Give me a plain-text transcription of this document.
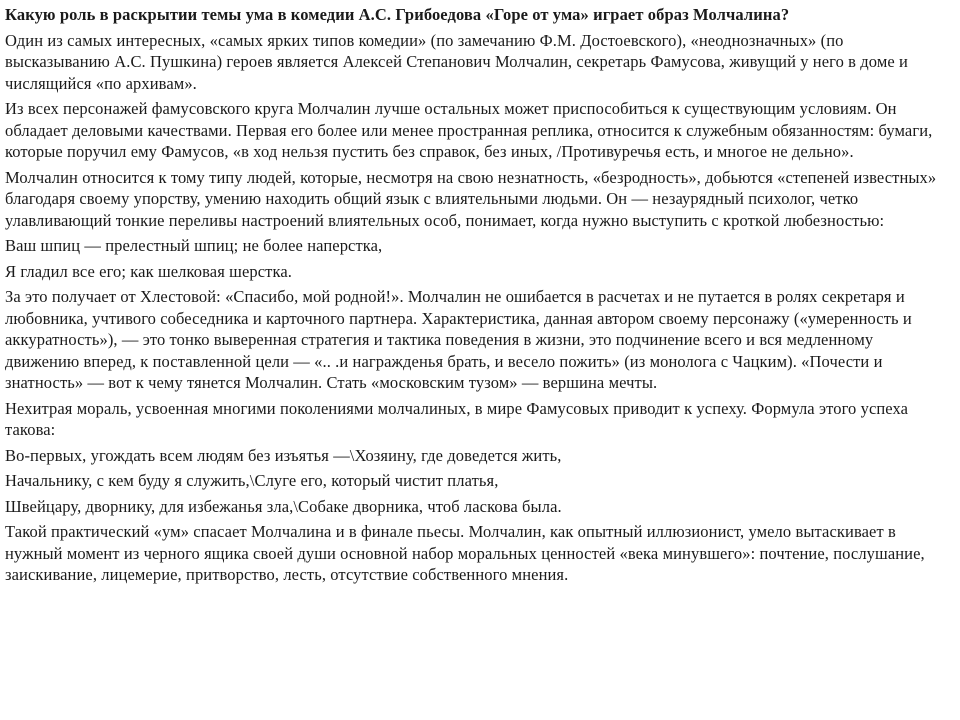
Какую роль в раскрытии темы ума в комедии А.С. Грибоедова «Горе от ума» играет образ Молчалина?

Один из самых интересных, «самых ярких типов комедии» (по замечанию Ф.М. Достоевского), «неоднозначных» (по высказыванию А.С. Пушкина) героев является Алексей Степанович Молчалин, секретарь Фамусова, живущий у него в доме и числящийся «по архивам».

Из всех персонажей фамусовского круга Молчалин лучше остальных может приспособиться к существующим условиям. Он обладает деловыми качествами. Первая его более или менее пространная реплика, относится к служебным обязанностям: бумаги, которые поручил ему Фамусов, «в ход нельзя пустить без справок, без иных, /Противуречья есть, и многое не дельно».

Молчалин относится к тому типу людей, которые, несмотря на свою незнатность, «безродность», добьются «степеней известных» благодаря своему упорству, умению находить общий язык с влиятельными людьми. Он — незаурядный психолог, четко улавливающий тонкие переливы настроений влиятельных особ, понимает, когда нужно выступить с кроткой любезностью:

Ваш шпиц — прелестный шпиц; не более наперстка,

Я гладил все его; как шелковая шерстка.

За это получает от Хлестовой: «Спасибо, мой родной!». Молчалин не ошибается в расчетах и не путается в ролях секретаря и любовника, учтивого собеседника и карточного партнера. Характеристика, данная автором своему персонажу («умеренность и аккуратность»), — это тонко выверенная стратегия и тактика поведения в жизни, это подчинение всего и вся медленному движению вперед, к поставленной цели — «.. .и награжденья брать, и весело пожить» (из монолога с Чацким). «Почести и знатность» — вот к чему тянется Молчалин. Стать «московским тузом» — вершина мечты.

Нехитрая мораль, усвоенная многими поколениями молчалиных, в мире Фамусовых приводит к успеху. Формула этого успеха такова:

Во-первых, угождать всем людям без изъятья —\Хозяину, где доведется жить,

Начальнику, с кем буду я служить,\Слуге его, который чистит платья,

Швейцару, дворнику, для избежанья зла,\Собаке дворника, чтоб ласкова была.

Такой практический «ум» спасает Молчалина и в финале пьесы. Молчалин, как опытный иллюзионист, умело вытаскивает в нужный момент из черного ящика своей души основной набор моральных ценностей «века минувшего»: почтение, послушание, заискивание, лицемерие, притворство, лесть, отсутствие собственного мнения.
